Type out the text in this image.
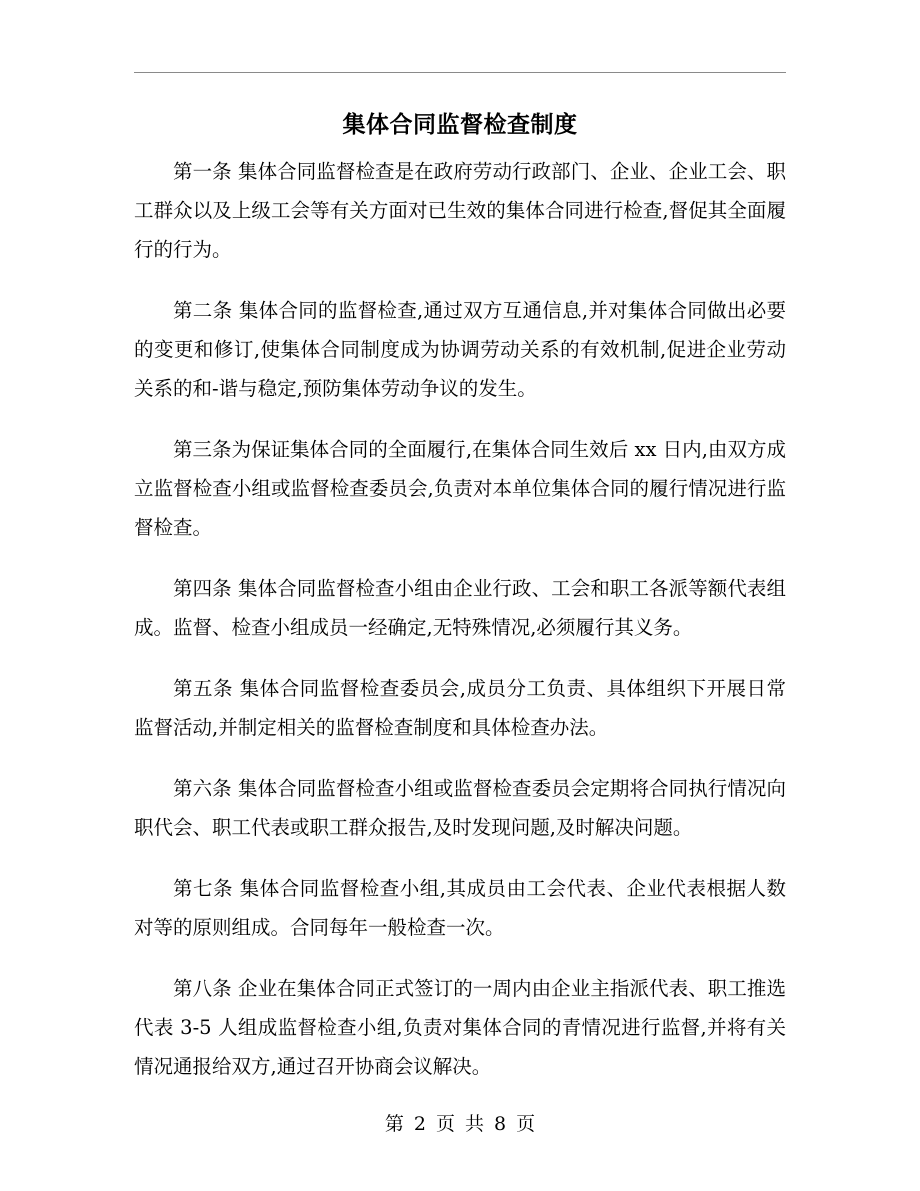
集体合同监督检查制度

第一条 集体合同监督检查是在政府劳动行政部门、企业、企业工会、职工群众以及上级工会等有关方面对已生效的集体合同进行检查,督促其全面履行的行为。

第二条 集体合同的监督检查,通过双方互通信息,并对集体合同做出必要的变更和修订,使集体合同制度成为协调劳动关系的有效机制,促进企业劳动关系的和-谐与稳定,预防集体劳动争议的发生。

第三条为保证集体合同的全面履行,在集体合同生效后 xx 日内,由双方成立监督检查小组或监督检查委员会,负责对本单位集体合同的履行情况进行监督检查。

第四条 集体合同监督检查小组由企业行政、工会和职工各派等额代表组成。监督、检查小组成员一经确定,无特殊情况,必须履行其义务。

第五条 集体合同监督检查委员会,成员分工负责、具体组织下开展日常监督活动,并制定相关的监督检查制度和具体检查办法。

第六条 集体合同监督检查小组或监督检查委员会定期将合同执行情况向职代会、职工代表或职工群众报告,及时发现问题,及时解决问题。

第七条 集体合同监督检查小组,其成员由工会代表、企业代表根据人数对等的原则组成。合同每年一般检查一次。

第八条 企业在集体合同正式签订的一周内由企业主指派代表、职工推选代表 3-5 人组成监督检查小组,负责对集体合同的青情况进行监督,并将有关情况通报给双方,通过召开协商会议解决。

第 2 页 共 8 页
